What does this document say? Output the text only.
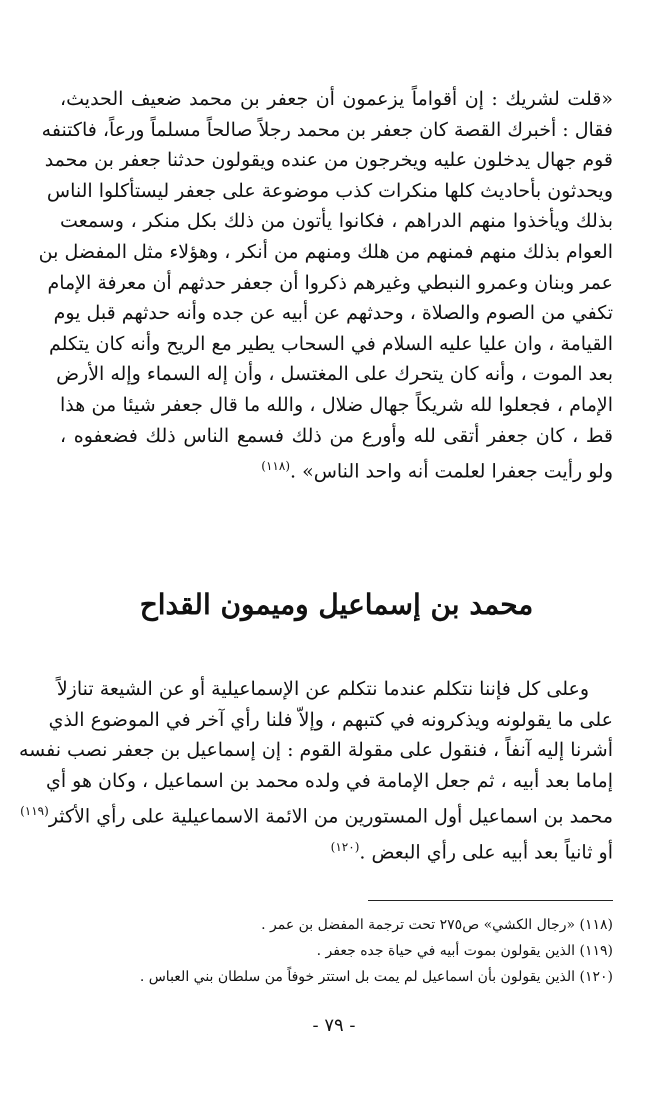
«قلت لشريك : إن أقواماً يزعمون أن جعفر بن محمد ضعيف الحديث،
فقال : أخبرك القصة كان جعفر بن محمد رجلاً صالحاً مسلماً ورعاً، فاكتنفه
قوم جهال يدخلون عليه ويخرجون من عنده ويقولون حدثنا جعفر بن محمد
ويحدثون بأحاديث كلها منكرات كذب موضوعة على جعفر ليستأكلوا الناس
بذلك ويأخذوا منهم الدراهم ، فكانوا يأتون من ذلك بكل منكر ، وسمعت
العوام بذلك منهم فمنهم من هلك ومنهم من أنكر ، وهؤلاء مثل المفضل بن
عمر وبنان وعمرو النبطي وغيرهم ذكروا أن جعفر حدثهم أن معرفة الإمام
تكفي من الصوم والصلاة ، وحدثهم عن أبيه عن جده وأنه حدثهم قبل يوم
القيامة ، وان عليا عليه السلام في السحاب يطير مع الريح وأنه كان يتكلم
بعد الموت ، وأنه كان يتحرك على المغتسل ، وأن إله السماء وإله الأرض
الإمام ، فجعلوا لله شريكاً جهال ضلال ، والله ما قال جعفر شيئا من هذا
قط ، كان جعفر أتقى لله وأورع من ذلك فسمع الناس ذلك فضعفوه ،
ولو رأيت جعفرا لعلمت أنه واحد الناس» .$^{(١١٨)}$

محمد بن إسماعيل وميمون القداح
وعلى كل فإننا نتكلم عندما نتكلم عن الإسماعيلية أو عن الشيعة تنازلاً
على ما يقولونه ويذكرونه في كتبهم ، وإلاّ فلنا رأي آخر في الموضوع الذي
أشرنا إليه آنفاً ، فنقول على مقولة القوم : إن إسماعيل بن جعفر نصب نفسه
إماما بعد أبيه ، ثم جعل الإمامة في ولده محمد بن اسماعيل ، وكان هو أي
محمد بن اسماعيل أول المستورين من الائمة الاسماعيلية على رأي الأكثر$^{(١١٩)}$
أو ثانياً بعد أبيه على رأي البعض .$^{(١٢٠)}$
(١١٨) «رجال الكشي» ص٢٧٥ تحت ترجمة المفضل بن عمر .
(١١٩) الذين يقولون بموت أبيه في حياة جده جعفر .
(١٢٠) الذين يقولون بأن اسماعيل لم يمت بل استتر خوفاً من سلطان بني العباس .
- ٧٩ -
